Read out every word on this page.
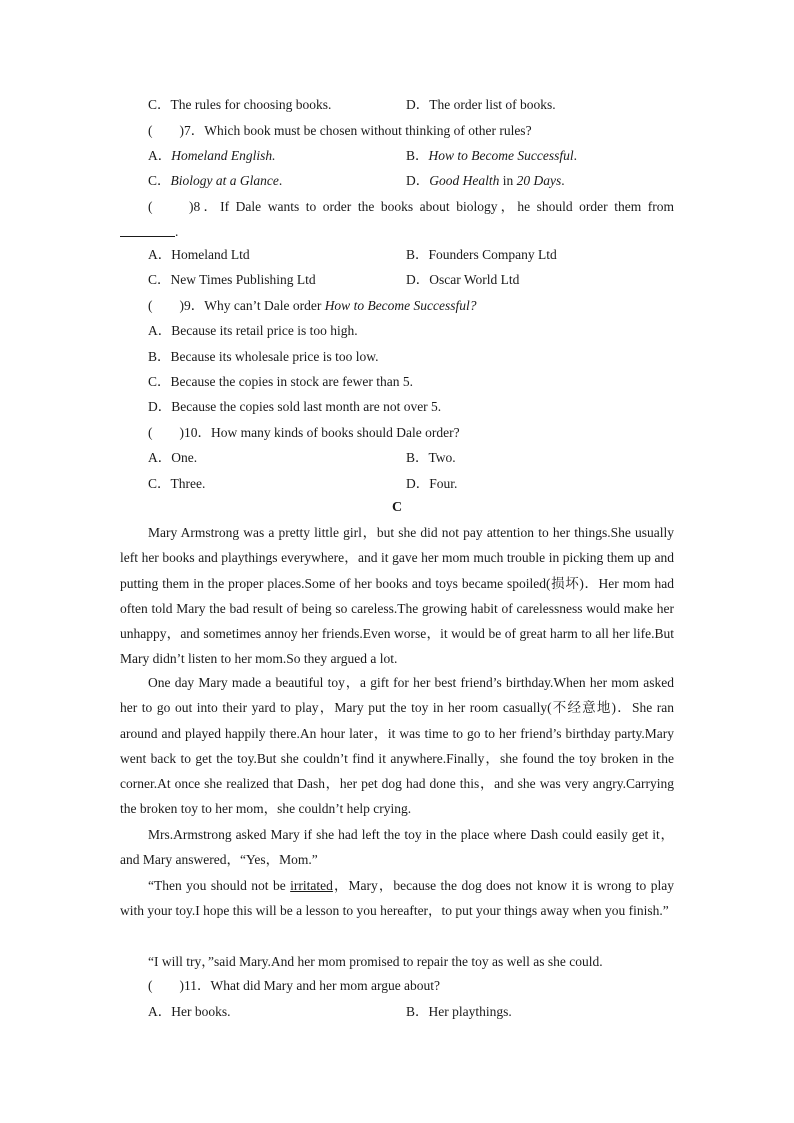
C．The rules for choosing books.	D．The order list of books.
(　　)7．Which book must be chosen without thinking of other rules?
A．Homeland English.	B．How to Become Successful.
C．Biology at a Glance.	D．Good Health in 20 Days.
(　　)8．If Dale wants to order the books about biology，he should order them from
.
A．Homeland Ltd	B．Founders Company Ltd
C．New Times Publishing Ltd	D．Oscar World Ltd
(　　)9．Why can’t Dale order How to Become Successful?
A．Because its retail price is too high.
B．Because its wholesale price is too low.
C．Because the copies in stock are fewer than 5.
D．Because the copies sold last month are not over 5.
(　　)10．How many kinds of books should Dale order?
A．One.	B．Two.
C．Three.	D．Four.
C
Mary Armstrong was a pretty little girl，but she did not pay attention to her things.She usually left her books and playthings everywhere，and it gave her mom much trouble in picking them up and putting them in the proper places.Some of her books and toys became spoiled(损坏)．Her mom had often told Mary the bad result of being so careless.The growing habit of carelessness would make her unhappy，and sometimes annoy her friends.Even worse，it would be of great harm to all her life.But Mary didn’t listen to her mom.So they argued a lot.
One day Mary made a beautiful toy，a gift for her best friend’s birthday.When her mom asked her to go out into their yard to play，Mary put the toy in her room casually(不经意地)．She ran around and played happily there.An hour later，it was time to go to her friend’s birthday party.Mary went back to get the toy.But she couldn’t find it anywhere.Finally，she found the toy broken in the corner.At once she realized that Dash，her pet dog had done this，and she was very angry.Carrying the broken toy to her mom，she couldn’t help crying.
Mrs.Armstrong asked Mary if she had left the toy in the place where Dash could easily get it，and Mary answered，“Yes，Mom.”
“Then you should not be irritated，Mary，because the dog does not know it is wrong to play with your toy.I hope this will be a lesson to you hereafter，to put your things away when you finish.”
“I will try，”said Mary.And her mom promised to repair the toy as well as she could.
(　　)11．What did Mary and her mom argue about?
A．Her books.	B．Her playthings.
